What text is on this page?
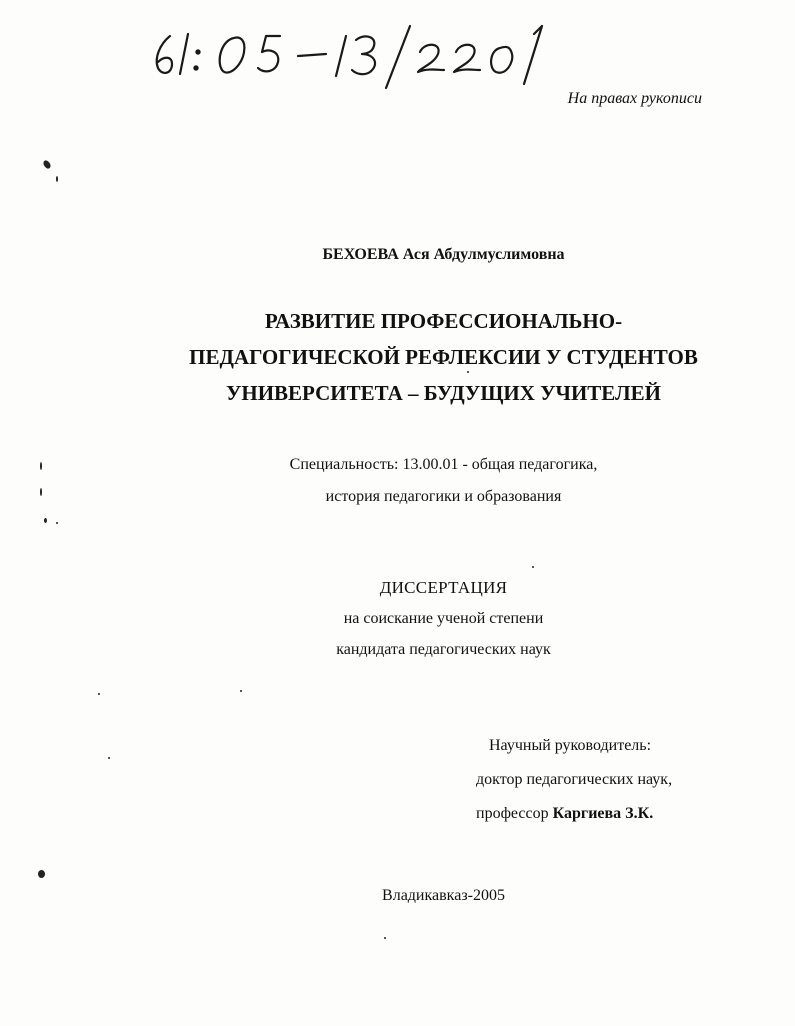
На правах рукописи
БЕХОЕВА Ася Абдулмуслимовна
РАЗВИТИЕ ПРОФЕССИОНАЛЬНО-
ПЕДАГОГИЧЕСКОЙ РЕФЛЕКСИИ У СТУДЕНТОВ
УНИВЕРСИТЕТА – БУДУЩИХ УЧИТЕЛЕЙ
Специальность: 13.00.01 - общая педагогика,
история педагогики и образования
ДИССЕРТАЦИЯ
на соискание ученой степени
кандидата педагогических наук
Научный руководитель:
доктор педагогических наук,
профессор Каргиева З.К.
Владикавказ-2005
